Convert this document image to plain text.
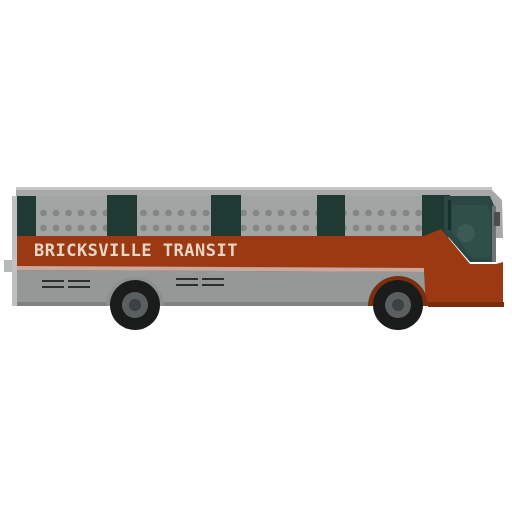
BRICKSVILLE TRANSIT
